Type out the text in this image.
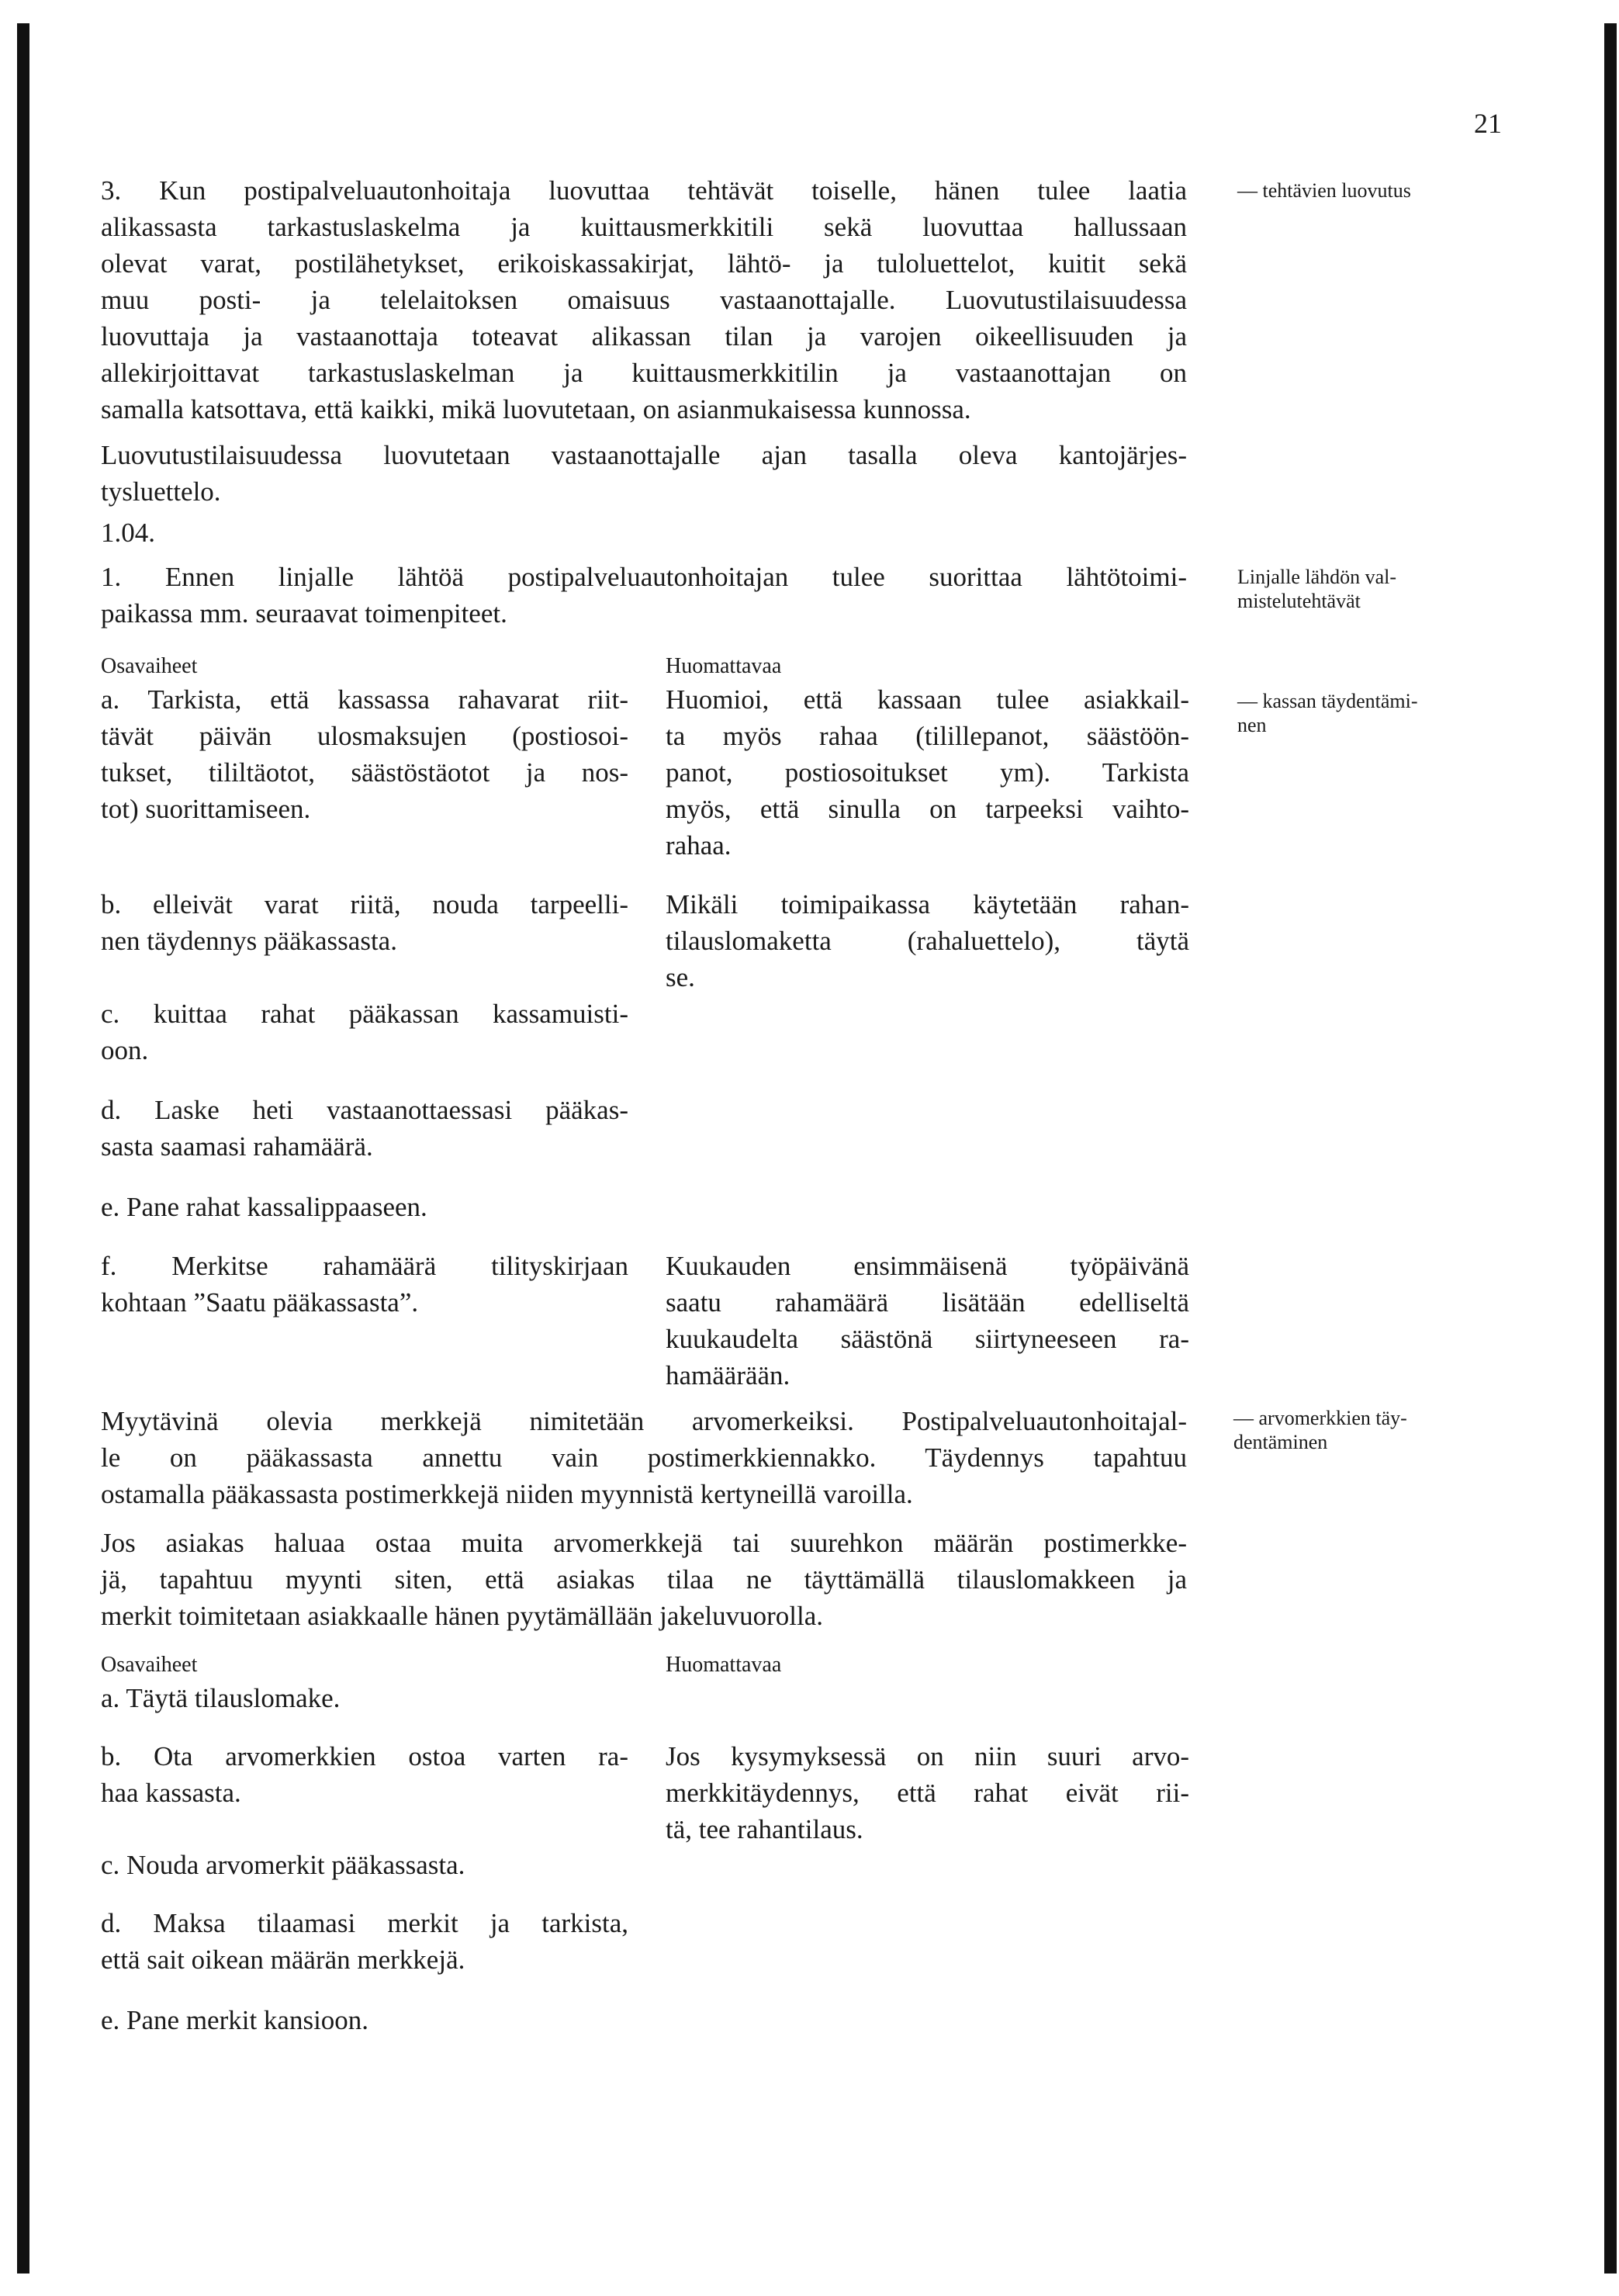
21
3. Kun postipalveluautonhoitaja luovuttaa tehtävät toiselle, hänen tulee laatia
alikassasta tarkastuslaskelma ja kuittausmerkkitili sekä luovuttaa hallussaan
olevat varat, postilähetykset, erikoiskassakirjat, lähtö- ja tuloluettelot, kuitit sekä
muu posti- ja telelaitoksen omaisuus vastaanottajalle. Luovutustilaisuudessa
luovuttaja ja vastaanottaja toteavat alikassan tilan ja varojen oikeellisuuden ja
allekirjoittavat tarkastuslaskelman ja kuittausmerkkitilin ja vastaanottajan on
samalla katsottava, että kaikki, mikä luovutetaan, on asianmukaisessa kunnossa.
— tehtävien luovutus
Luovutustilaisuudessa luovutetaan vastaanottajalle ajan tasalla oleva kantojärjes-
tysluettelo.
1.04.
1. Ennen linjalle lähtöä postipalveluautonhoitajan tulee suorittaa lähtötoimi-
paikassa mm. seuraavat toimenpiteet.
Linjalle lähdön val-
mistelutehtävät
Osavaiheet	Huomattavaa
— kassan täydentämi-
nen
a. Tarkista, että kassassa rahavarat riit-
tävät päivän ulosmaksujen (postiosoi-
tukset, tililtäotot, säästöstäotot ja nos-
tot) suorittamiseen.
Huomioi, että kassaan tulee asiakkail-
ta myös rahaa (tilillepanot, säästöön-
panot, postiosoitukset ym). Tarkista
myös, että sinulla on tarpeeksi vaihto-
rahaa.
b. elleivät varat riitä, nouda tarpeelli-
nen täydennys pääkassasta.
Mikäli toimipaikassa käytetään rahan-
tilauslomaketta (rahaluettelo), täytä
se.
c. kuittaa rahat pääkassan kassamuisti-
oon.
d. Laske heti vastaanottaessasi pääkas-
sasta saamasi rahamäärä.
e. Pane rahat kassalippaaseen.
f. Merkitse rahamäärä tilityskirjaan
kohtaan ”Saatu pääkassasta”.
Kuukauden ensimmäisenä työpäivänä
saatu rahamäärä lisätään edelliseltä
kuukaudelta säästönä siirtyneeseen ra-
hamäärään.
Myytävinä olevia merkkejä nimitetään arvomerkeiksi. Postipalveluautonhoitajal-
le on pääkassasta annettu vain postimerkkiennakko. Täydennys tapahtuu
ostamalla pääkassasta postimerkkejä niiden myynnistä kertyneillä varoilla.
— arvomerkkien täy-
dentäminen
Jos asiakas haluaa ostaa muita arvomerkkejä tai suurehkon määrän postimerkke-
jä, tapahtuu myynti siten, että asiakas tilaa ne täyttämällä tilauslomakkeen ja
merkit toimitetaan asiakkaalle hänen pyytämällään jakeluvuorolla.
Osavaiheet	Huomattavaa
a. Täytä tilauslomake.
b. Ota arvomerkkien ostoa varten ra-
haa kassasta.
Jos kysymyksessä on niin suuri arvo-
merkkitäydennys, että rahat eivät rii-
tä, tee rahantilaus.
c. Nouda arvomerkit pääkassasta.
d. Maksa tilaamasi merkit ja tarkista,
että sait oikean määrän merkkejä.
e. Pane merkit kansioon.
